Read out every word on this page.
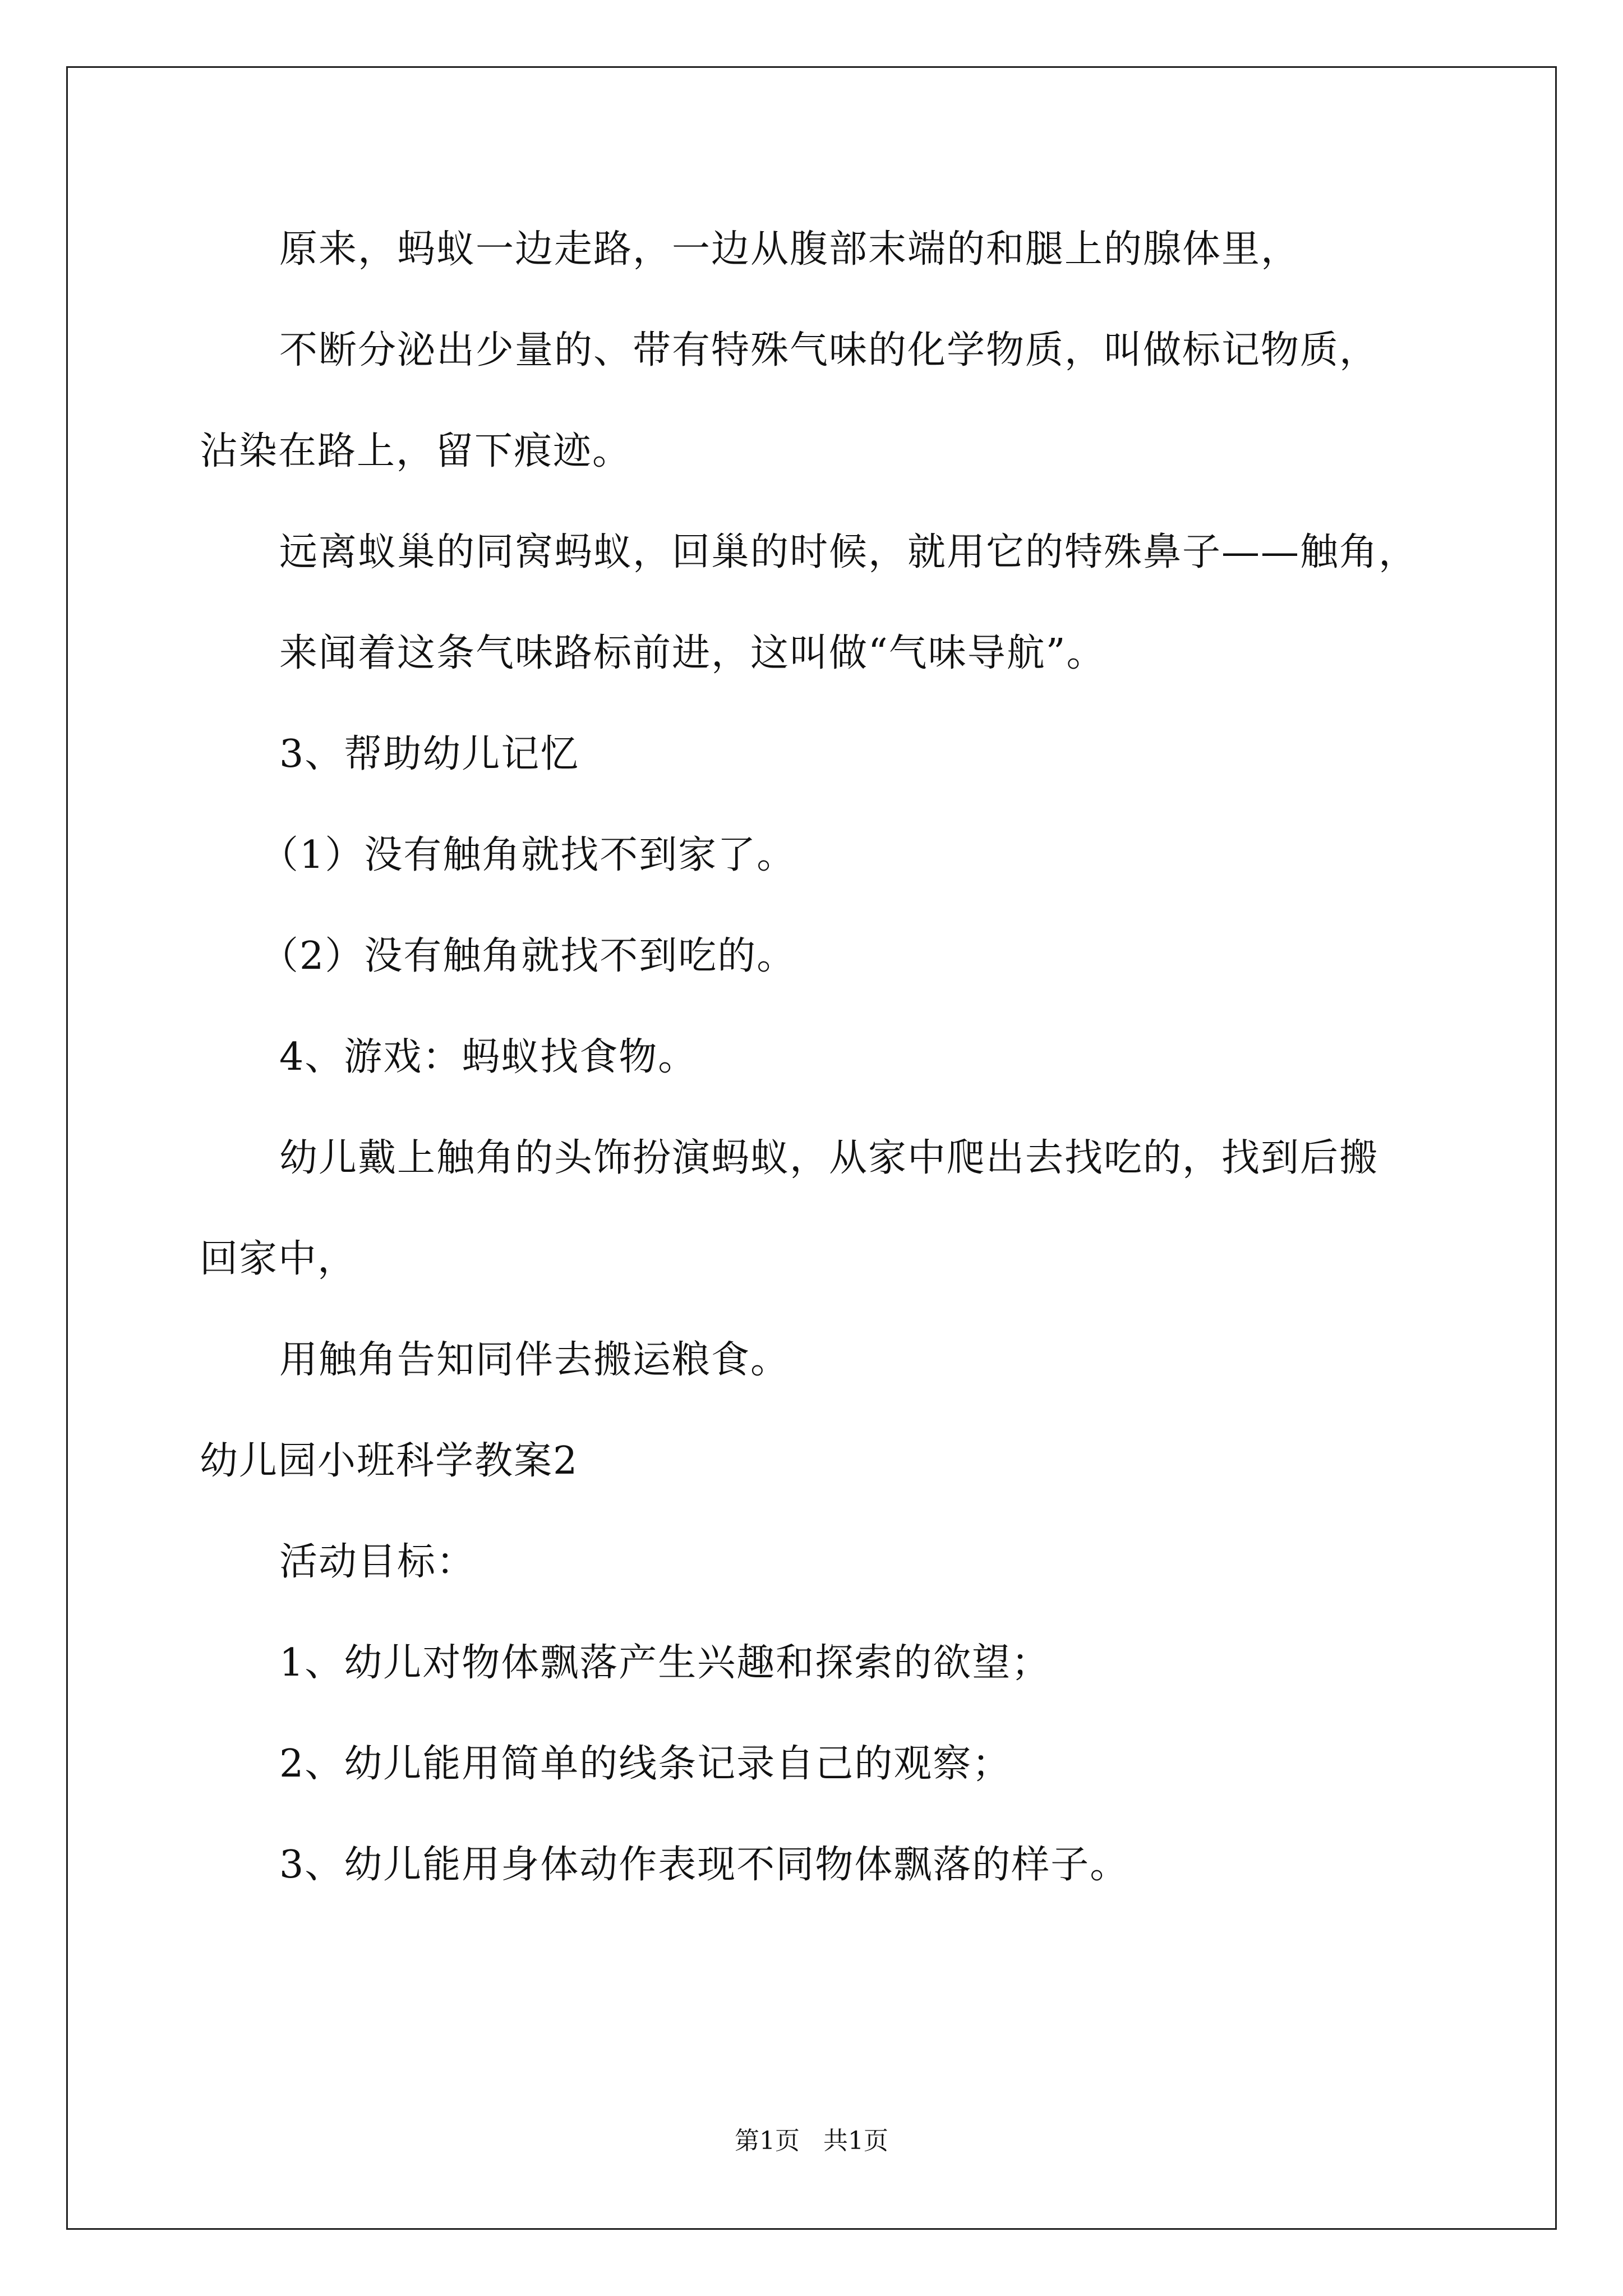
原来，蚂蚁一边走路，一边从腹部末端的和腿上的腺体里，
不断分泌出少量的、带有特殊气味的化学物质，叫做标记物质，
沾染在路上，留下痕迹。
远离蚁巢的同窝蚂蚁，回巢的时候，就用它的特殊鼻子——触角，
来闻着这条气味路标前进，这叫做“气味导航”。
3、帮助幼儿记忆
（1）没有触角就找不到家了。
（2）没有触角就找不到吃的。
4、游戏：蚂蚁找食物。
幼儿戴上触角的头饰扮演蚂蚁，从家中爬出去找吃的，找到后搬
回家中，
用触角告知同伴去搬运粮食。
幼儿园小班科学教案2
活动目标：
1、幼儿对物体飘落产生兴趣和探索的欲望；
2、幼儿能用简单的线条记录自己的观察；
3、幼儿能用身体动作表现不同物体飘落的样子。
第1页 共1页
